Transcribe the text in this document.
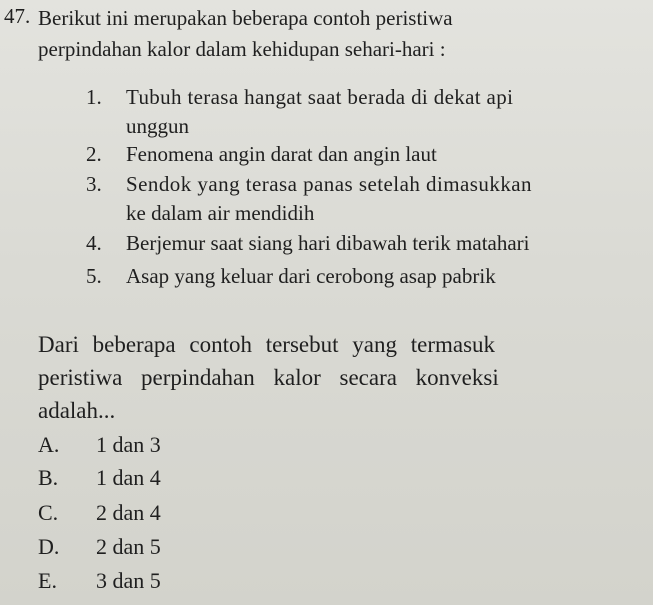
47. Berikut ini merupakan beberapa contoh peristiwa
perpindahan kalor dalam kehidupan sehari-hari :
1. Tubuh terasa hangat saat berada di dekat api
unggun
2. Fenomena angin darat dan angin laut
3. Sendok yang terasa panas setelah dimasukkan
ke dalam air mendidih
4. Berjemur saat siang hari dibawah terik matahari
5. Asap yang keluar dari cerobong asap pabrik
Dari beberapa contoh tersebut yang termasuk
peristiwa perpindahan kalor secara konveksi
adalah...
A. 1 dan 3
B. 1 dan 4
C. 2 dan 4
D. 2 dan 5
E. 3 dan 5
